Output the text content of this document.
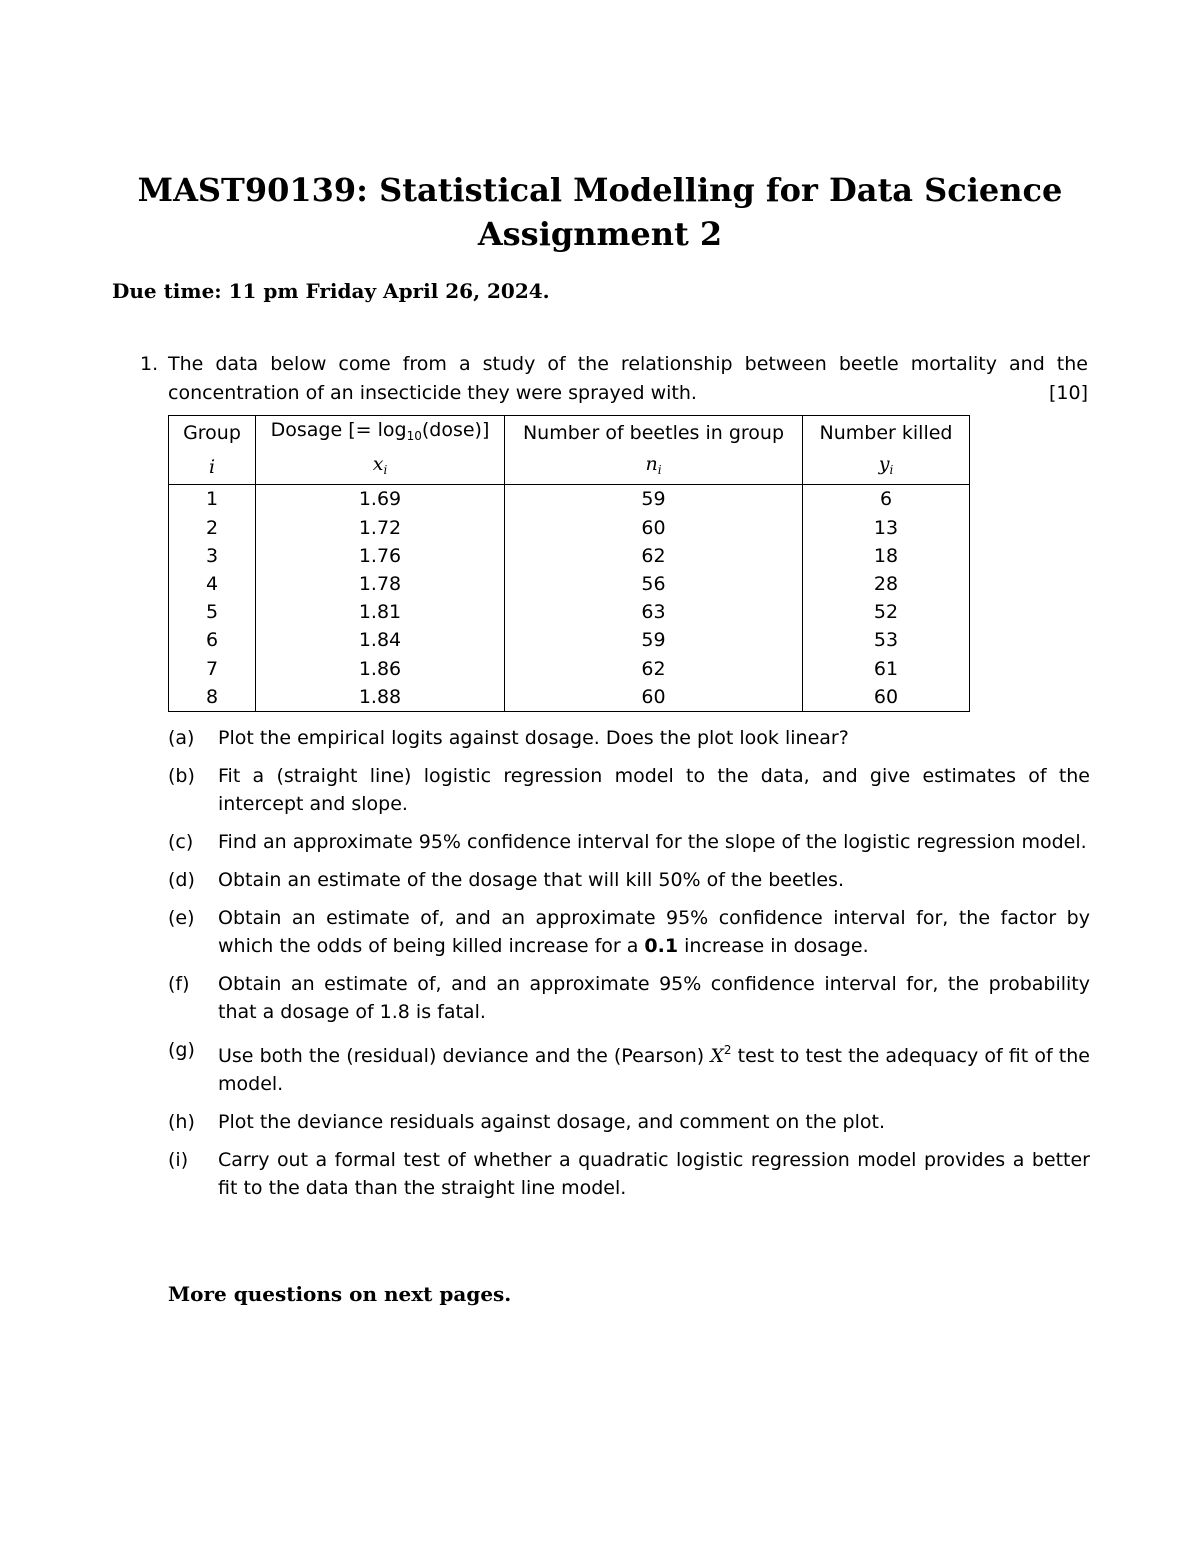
MAST90139: Statistical Modelling for Data Science
Assignment 2
Due time: 11 pm Friday April 26, 2024.
1. The data below come from a study of the relationship between beetle mortality and the
concentration of an insecticide they were sprayed with.	[10]
Group	Dosage [= $\log_{10}(dose)$]	Number of beetles in group	Number killed
i	$x_i$	$n_i$	$y_i$
1	1.69	59	6
2	1.72	60	13
3	1.76	62	18
4	1.78	56	28
5	1.81	63	52
6	1.84	59	53
7	1.86	62	61
8	1.88	60	60
(a)	Plot the empirical logits against dosage. Does the plot look linear?
(b)	Fit a (straight line) logistic regression model to the data, and give estimates of the intercept and slope.
(c)	Find an approximate 95% confidence interval for the slope of the logistic regression model.
(d)	Obtain an estimate of the dosage that will kill 50% of the beetles.
(e)	Obtain an estimate of, and an approximate 95% confidence interval for, the factor by which the odds of being killed increase for a 0.1 increase in dosage.
(f)	Obtain an estimate of, and an approximate 95% confidence interval for, the probability that a dosage of 1.8 is fatal.
(g)	Use both the (residual) deviance and the (Pearson) $X^2$ test to test the adequacy of fit of the model.
(h)	Plot the deviance residuals against dosage, and comment on the plot.
(i)	Carry out a formal test of whether a quadratic logistic regression model provides a better fit to the data than the straight line model.
More questions on next pages.
